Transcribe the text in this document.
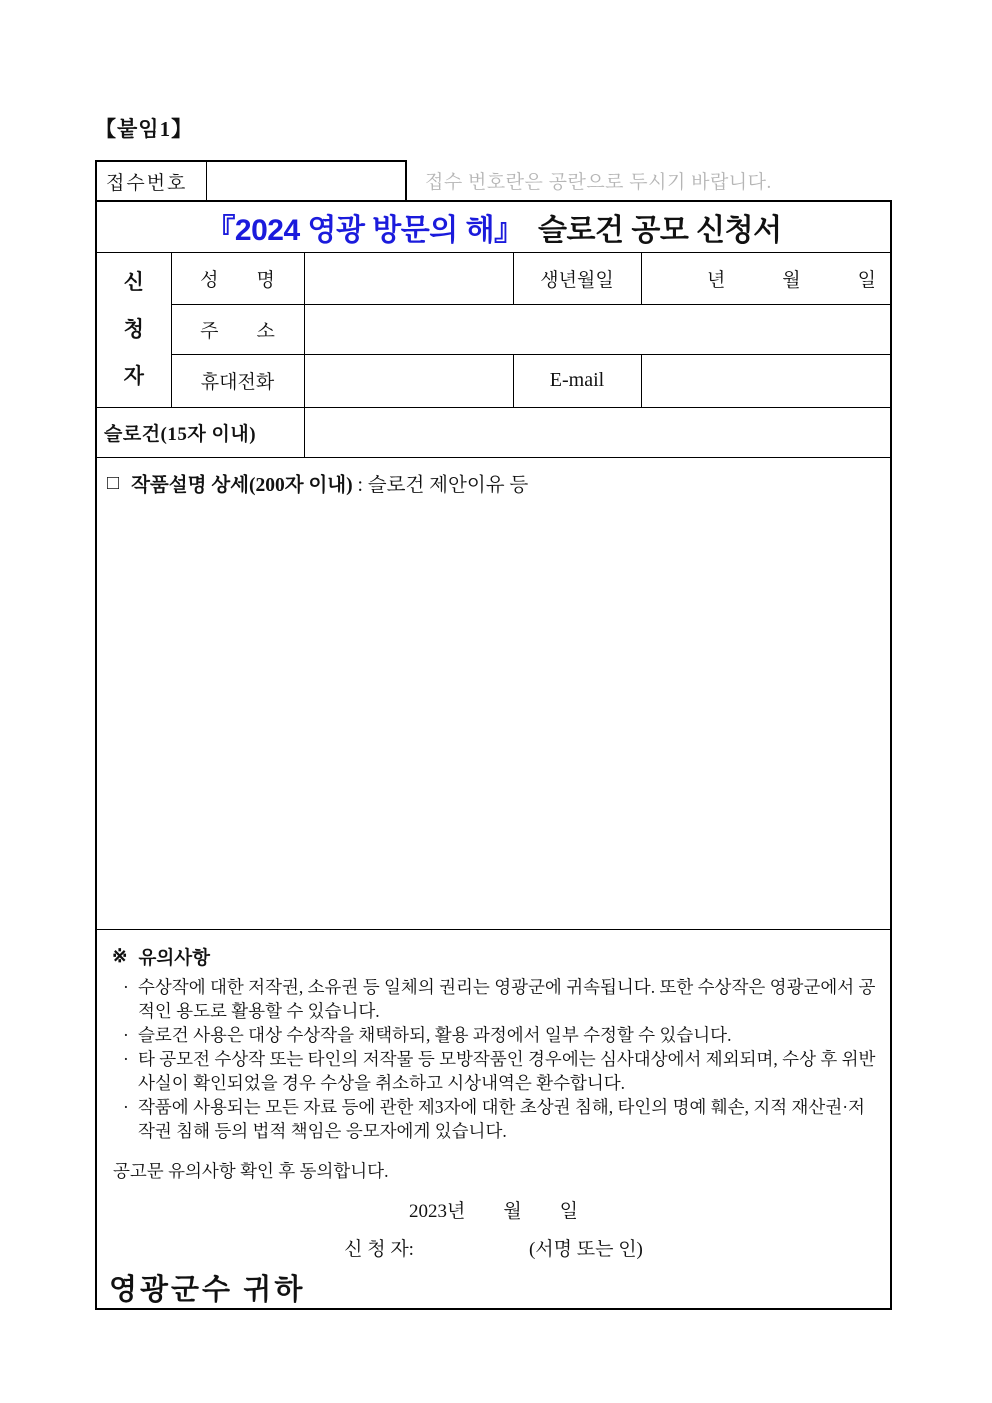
【붙임1】
접수번호	접수 번호란은 공란으로 두시기 바랍니다.
『2024 영광 방문의 해』　슬로건 공모 신청서				

신
청
자	성　　명		생년월일	년　　　월　　　일
	주　　소			
	휴대전화		E-mail	
슬로건(15자 이내)				

□ 작품설명 상세(200자 이내) : 슬로건 제안이유 등				

※ 유의사항
· 수상작에 대한 저작권, 소유권 등 일체의 권리는 영광군에 귀속됩니다. 또한 수상작은 영광군에서 공적인 용도로 활용할 수 있습니다.
· 슬로건 사용은 대상 수상작을 채택하되, 활용 과정에서 일부 수정할 수 있습니다.
· 타 공모전 수상작 또는 타인의 저작물 등 모방작품인 경우에는 심사대상에서 제외되며, 수상 후 위반사실이 확인되었을 경우 수상을 취소하고 시상내역은 환수합니다.
· 작품에 사용되는 모든 자료 등에 관한 제3자에 대한 초상권 침해, 타인의 명예 훼손, 지적 재산권·저작권 침해 등의 법적 책임은 응모자에게 있습니다.
공고문 유의사항 확인 후 동의합니다.
2023년　　월　　일
신 청 자:	(서명 또는 인)
영광군수 귀하
